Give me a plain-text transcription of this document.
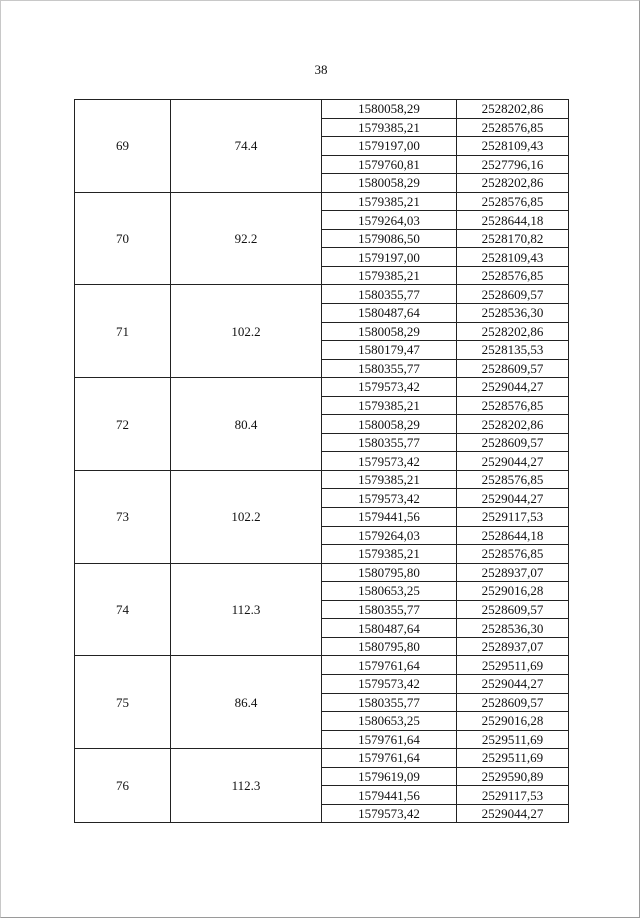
38
69	74.4	1580058,29	2528202,86
		1579385,21	2528576,85
		1579197,00	2528109,43
		1579760,81	2527796,16
		1580058,29	2528202,86
70	92.2	1579385,21	2528576,85
		1579264,03	2528644,18
		1579086,50	2528170,82
		1579197,00	2528109,43
		1579385,21	2528576,85
71	102.2	1580355,77	2528609,57
		1580487,64	2528536,30
		1580058,29	2528202,86
		1580179,47	2528135,53
		1580355,77	2528609,57
72	80.4	1579573,42	2529044,27
		1579385,21	2528576,85
		1580058,29	2528202,86
		1580355,77	2528609,57
		1579573,42	2529044,27
73	102.2	1579385,21	2528576,85
		1579573,42	2529044,27
		1579441,56	2529117,53
		1579264,03	2528644,18
		1579385,21	2528576,85
74	112.3	1580795,80	2528937,07
		1580653,25	2529016,28
		1580355,77	2528609,57
		1580487,64	2528536,30
		1580795,80	2528937,07
75	86.4	1579761,64	2529511,69
		1579573,42	2529044,27
		1580355,77	2528609,57
		1580653,25	2529016,28
		1579761,64	2529511,69
76	112.3	1579761,64	2529511,69
		1579619,09	2529590,89
		1579441,56	2529117,53
		1579573,42	2529044,27
